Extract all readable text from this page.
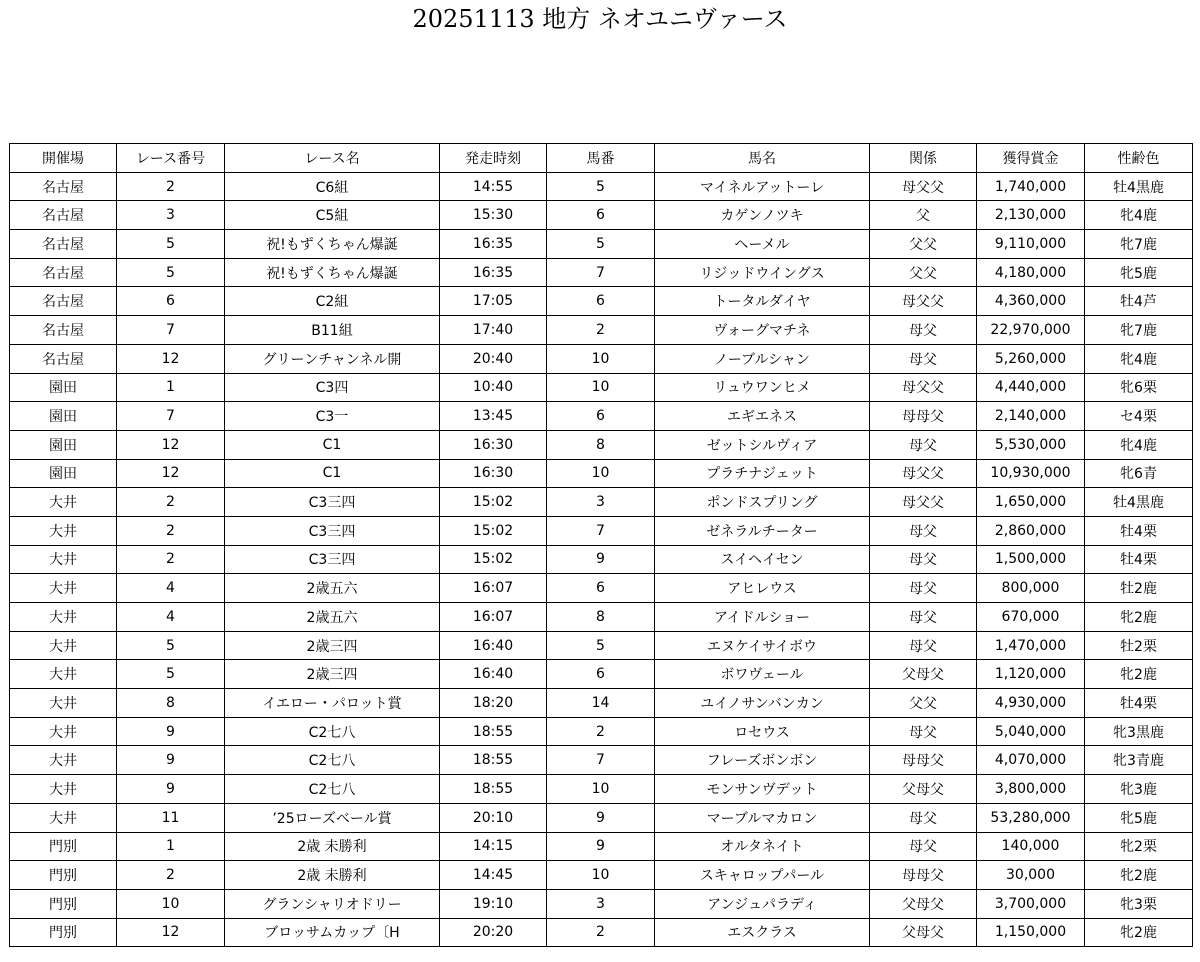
20251113 地方 ネオユニヴァース
開催場	レース番号	レース名	発走時刻	馬番	馬名	関係	獲得賞金	性齢色
名古屋	2	C6組	14:55	5	マイネルアットーレ	母父父	1,740,000	牡4黒鹿
名古屋	3	C5組	15:30	6	カゲンノツキ	父	2,130,000	牝4鹿
名古屋	5	祝!もずくちゃん爆誕	16:35	5	ヘーメル	父父	9,110,000	牝7鹿
名古屋	5	祝!もずくちゃん爆誕	16:35	7	リジッドウイングス	父父	4,180,000	牝5鹿
名古屋	6	C2組	17:05	6	トータルダイヤ	母父父	4,360,000	牡4芦
名古屋	7	B11組	17:40	2	ヴォーグマチネ	母父	22,970,000	牝7鹿
名古屋	12	グリーンチャンネル開	20:40	10	ノーブルシャン	母父	5,260,000	牝4鹿
園田	1	C3四	10:40	10	リュウワンヒメ	母父父	4,440,000	牝6栗
園田	7	C3一	13:45	6	エギエネス	母母父	2,140,000	セ4栗
園田	12	C1	16:30	8	ゼットシルヴィア	母父	5,530,000	牝4鹿
園田	12	C1	16:30	10	プラチナジェット	母父父	10,930,000	牝6青
大井	2	C3三四	15:02	3	ポンドスプリング	母父父	1,650,000	牡4黒鹿
大井	2	C3三四	15:02	7	ゼネラルチーター	母父	2,860,000	牡4栗
大井	2	C3三四	15:02	9	スイヘイセン	母父	1,500,000	牡4栗
大井	4	2歳五六	16:07	6	アヒレウス	母父	800,000	牡2鹿
大井	4	2歳五六	16:07	8	アイドルショー	母父	670,000	牝2鹿
大井	5	2歳三四	16:40	5	エヌケイサイボウ	母父	1,470,000	牡2栗
大井	5	2歳三四	16:40	6	ボワヴェール	父母父	1,120,000	牝2鹿
大井	8	イエロー・パロット賞	18:20	14	ユイノサンバンカン	父父	4,930,000	牡4栗
大井	9	C2七八	18:55	2	ロセウス	母父	5,040,000	牝3黒鹿
大井	9	C2七八	18:55	7	フレーズボンボン	母母父	4,070,000	牝3青鹿
大井	9	C2七八	18:55	10	モンサンヴデット	父母父	3,800,000	牝3鹿
大井	11	’25ローズベール賞	20:10	9	マーブルマカロン	母父	53,280,000	牝5鹿
門別	1	2歳 未勝利	14:15	9	オルタネイト	母父	140,000	牝2栗
門別	2	2歳 未勝利	14:45	10	スキャロップパール	母母父	30,000	牝2鹿
門別	10	グランシャリオドリー	19:10	3	アンジュパラディ	父母父	3,700,000	牝3栗
門別	12	ブロッサムカップ〔H	20:20	2	エスクラス	父母父	1,150,000	牝2鹿
